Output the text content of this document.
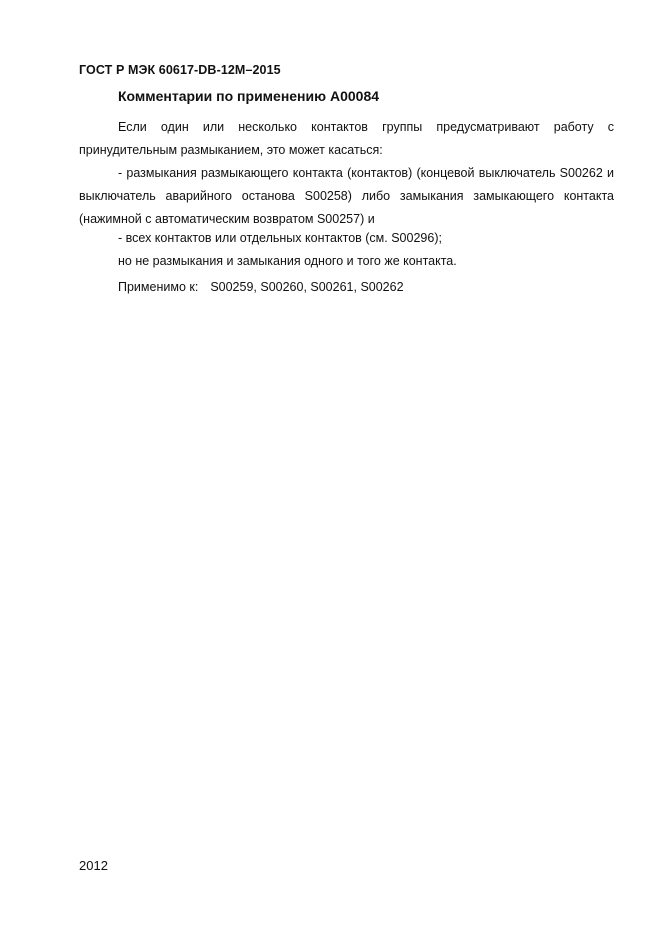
ГОСТ Р МЭК 60617-DB-12M–2015
Комментарии по применению A00084
Если один или несколько контактов группы предусматривают работу с принудительным размыканием, это может касаться:
- размыкания размыкающего контакта (контактов) (концевой выключатель S00262 и выключатель аварийного останова S00258) либо замыкания замыкающего контакта (нажимной с автоматическим возвратом S00257) и
- всех контактов или отдельных контактов (см. S00296);
но не размыкания и замыкания одного и того же контакта.
Применимо к: S00259, S00260, S00261, S00262
2012
